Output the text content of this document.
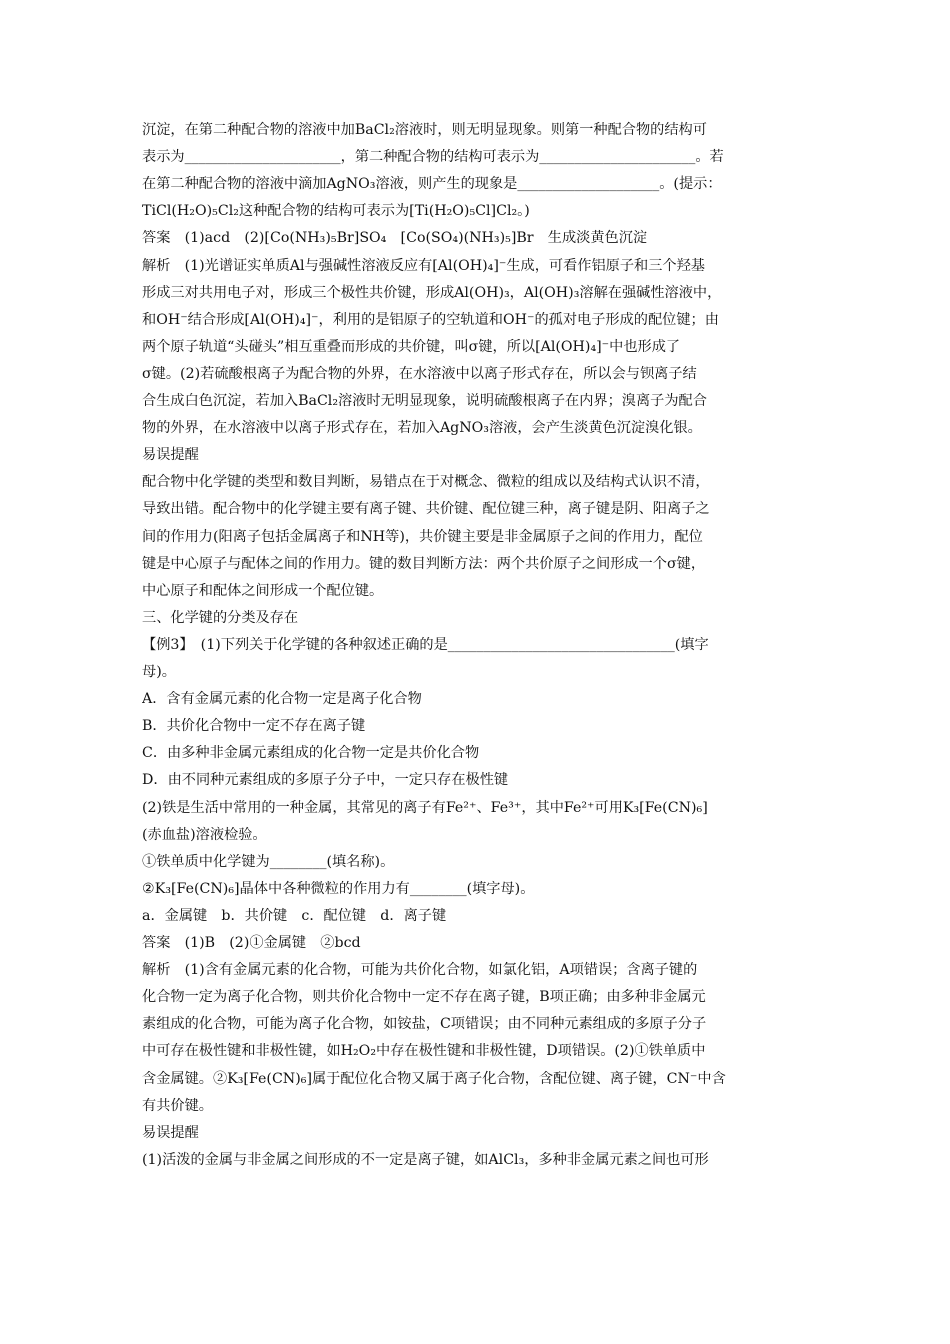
沉淀，在第二种配合物的溶液中加BaCl₂溶液时，则无明显现象。则第一种配合物的结构可
表示为______________________，第二种配合物的结构可表示为______________________。若
在第二种配合物的溶液中滴加AgNO₃溶液，则产生的现象是____________________。(提示：
TiCl(H₂O)₅Cl₂这种配合物的结构可表示为[Ti(H₂O)₅Cl]Cl₂。)
答案　(1)acd　(2)[Co(NH₃)₅Br]SO₄　[Co(SO₄)(NH₃)₅]Br　生成淡黄色沉淀
解析　(1)光谱证实单质Al与强碱性溶液反应有[Al(OH)₄]⁻生成，可看作铝原子和三个羟基
形成三对共用电子对，形成三个极性共价键，形成Al(OH)₃，Al(OH)₃溶解在强碱性溶液中，
和OH⁻结合形成[Al(OH)₄]⁻，利用的是铝原子的空轨道和OH⁻的孤对电子形成的配位键；由
两个原子轨道“头碰头”相互重叠而形成的共价键，叫σ键，所以[Al(OH)₄]⁻中也形成了
σ键。(2)若硫酸根离子为配合物的外界，在水溶液中以离子形式存在，所以会与钡离子结
合生成白色沉淀，若加入BaCl₂溶液时无明显现象，说明硫酸根离子在内界；溴离子为配合
物的外界，在水溶液中以离子形式存在，若加入AgNO₃溶液，会产生淡黄色沉淀溴化银。
易误提醒
配合物中化学键的类型和数目判断，易错点在于对概念、微粒的组成以及结构式认识不清，
导致出错。配合物中的化学键主要有离子键、共价键、配位键三种，离子键是阴、阳离子之
间的作用力(阳离子包括金属离子和NH等)，共价键主要是非金属原子之间的作用力，配位
键是中心原子与配体之间的作用力。键的数目判断方法：两个共价原子之间形成一个σ键，
中心原子和配体之间形成一个配位键。
三、化学键的分类及存在
【例3】　(1)下列关于化学键的各种叙述正确的是________________________________(填字
母)。
A．含有金属元素的化合物一定是离子化合物
B．共价化合物中一定不存在离子键
C．由多种非金属元素组成的化合物一定是共价化合物
D．由不同种元素组成的多原子分子中，一定只存在极性键
(2)铁是生活中常用的一种金属，其常见的离子有Fe²⁺、Fe³⁺，其中Fe²⁺可用K₃[Fe(CN)₆]
(赤血盐)溶液检验。
①铁单质中化学键为________(填名称)。
②K₃[Fe(CN)₆]晶体中各种微粒的作用力有________(填字母)。
a．金属键　b．共价键　c．配位键　d．离子键
答案　(1)B　(2)①金属键　②bcd
解析　(1)含有金属元素的化合物，可能为共价化合物，如氯化铝，A项错误；含离子键的
化合物一定为离子化合物，则共价化合物中一定不存在离子键，B项正确；由多种非金属元
素组成的化合物，可能为离子化合物，如铵盐，C项错误；由不同种元素组成的多原子分子
中可存在极性键和非极性键，如H₂O₂中存在极性键和非极性键，D项错误。(2)①铁单质中
含金属键。②K₃[Fe(CN)₆]属于配位化合物又属于离子化合物，含配位键、离子键，CN⁻中含
有共价键。
易误提醒
(1)活泼的金属与非金属之间形成的不一定是离子键，如AlCl₃，多种非金属元素之间也可形
